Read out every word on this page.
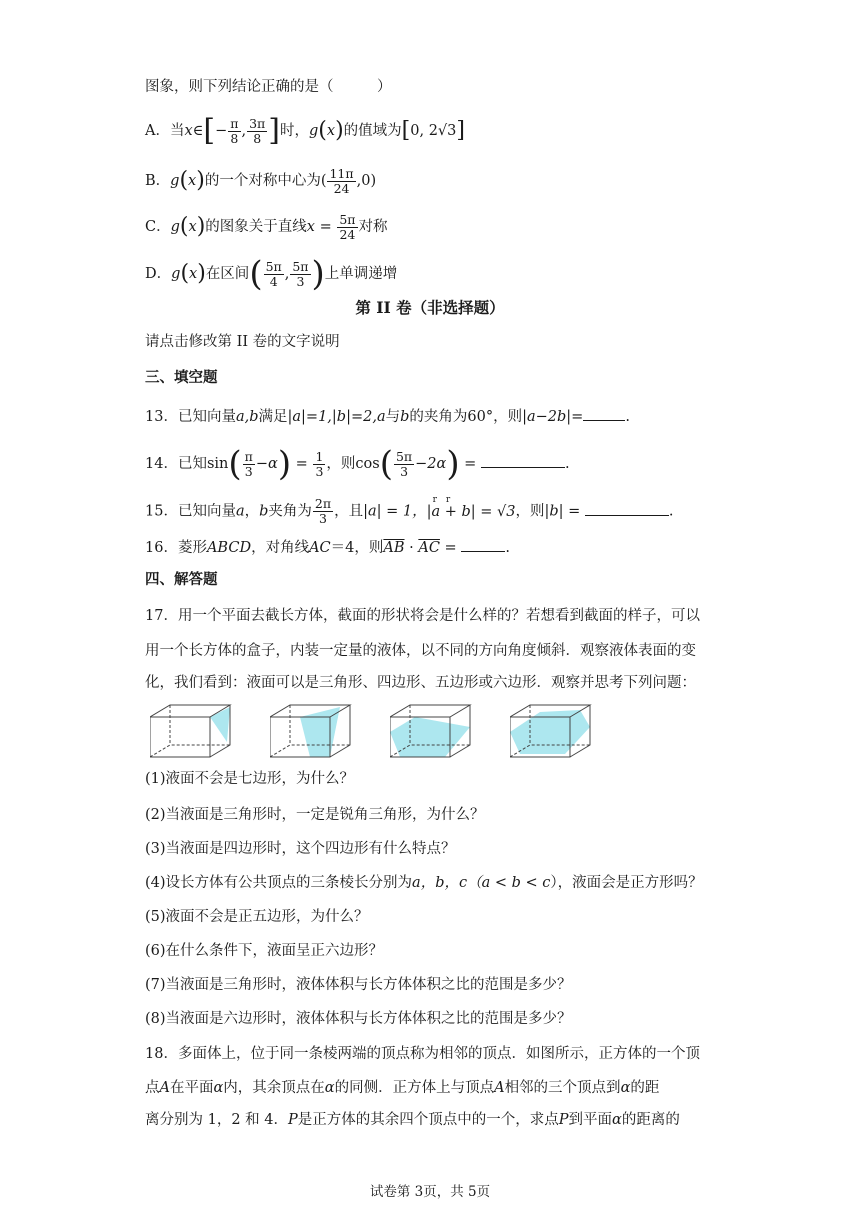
图象，则下列结论正确的是（　　　）
A．当x∈[− $\frac{\pi}{8}$ , $\frac{3\pi}{8}$ ]时，g(x)的值域为[0, 2√3]
B．g(x)的一个对称中心为( $\frac{11\pi}{24} ,0$)
C．g(x)的图象关于直线$x = \frac{5\pi}{24}$ 对称
D．g(x)在区间( $\frac{5\pi}{4}$ , $\frac{5\pi}{3}$ )上单调递增
第 II 卷（非选择题）
请点击修改第 II 卷的文字说明
三、填空题
13．已知向量a,b满足|a|=1,|b|=2,a与b的夹角为60°，则|a−2b|=	.
14．已知$\sin( \frac{\pi}{3} -\alpha) = \frac{1}{3}$ ，则$\cos( \frac{5\pi}{3} -2\alpha)$ =	.
15．已知向量a，b夹角为 $\frac{2\pi}{3}$ ，且|a| = 1，
r　r
|a + b| = √3，则|b| =	.
16．菱形ABCD，对角线AC＝4，则$\overline{AB} \cdot \overline{AC}$ =	.
四、解答题
17．用一个平面去截长方体，截面的形状将会是什么样的？若想看到截面的样子，可以
用一个长方体的盒子，内装一定量的液体，以不同的方向角度倾斜．观察液体表面的变
化，我们看到：液面可以是三角形、四边形、五边形或六边形．观察并思考下列问题：
(1)液面不会是七边形，为什么？
(2)当液面是三角形时，一定是锐角三角形，为什么？
(3)当液面是四边形时，这个四边形有什么特点？
(4)设长方体有公共顶点的三条棱长分别为a，b，c（a < b < c），液面会是正方形吗？
(5)液面不会是正五边形，为什么？
(6)在什么条件下，液面呈正六边形？
(7)当液面是三角形时，液体体积与长方体体积之比的范围是多少？
(8)当液面是六边形时，液体体积与长方体体积之比的范围是多少？
18．多面体上，位于同一条棱两端的顶点称为相邻的顶点．如图所示，正方体的一个顶
点A在平面α内，其余顶点在α的同侧．正方体上与顶点A相邻的三个顶点到α的距
离分别为 1，2 和 4．P是正方体的其余四个顶点中的一个，求点P到平面α的距离的
试卷第 3页，共 5页
